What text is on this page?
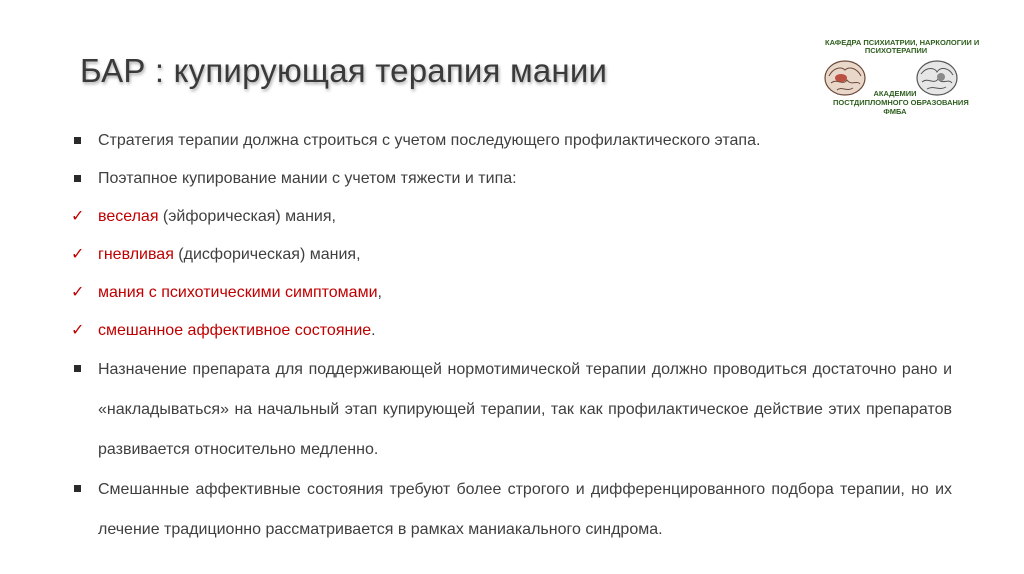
БАР : купирующая терапия мании
КАФЕДРА ПСИХИАТРИИ, НАРКОЛОГИИ И
ПСИХОТЕРАПИИ
АКАДЕМИИ
ПОСТДИПЛОМНОГО ОБРАЗОВАНИЯ
ФМБА
Стратегия терапии должна строиться с учетом последующего профилактического этапа.
Поэтапное купирование мании с учетом тяжести и типа:
✓ веселая (эйфорическая) мания,
✓ гневливая (дисфорическая) мания,
✓ мания с психотическими симптомами,
✓ смешанное аффективное состояние.
Назначение препарата для поддерживающей нормотимической терапии должно проводиться достаточно рано и «накладываться» на начальный этап купирующей терапии, так как профилактическое действие этих препаратов развивается относительно медленно.
Смешанные аффективные состояния требуют более строгого и дифференцированного подбора терапии, но их лечение традиционно рассматривается в рамках маниакального синдрома.
